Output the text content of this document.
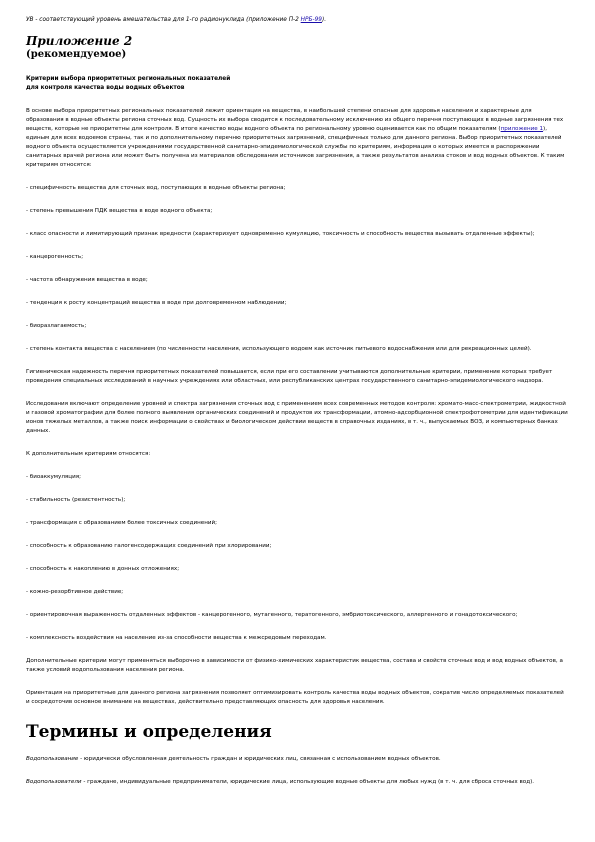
УВ - соответствующий уровень вмешательства для 1-го радионуклида (приложение П-2 НРБ-99).

Приложение 2
(рекомендуемое)
Критерии выбора приоритетных региональных показателей
для контроля качества воды водных объектов

В основе выбора приоритетных региональных показателей лежит ориентация на вещества, в наибольшей степени опасные для здоровья населения и характерные для образования в водные объекты региона сточных вод. Сущность их выбора сводится к последовательному исключению из общего перечня поступающих в водные загрязнения тех веществ, которые не приоритетны для контроля. В итоге качество воды водного объекта по региональному уровню оценивается как по общим показателям (приложение 1), единым для всех водоемов страны, так и по дополнительному перечню приоритетных загрязнений, специфичных только для данного региона. Выбор приоритетных показателей водного объекта осуществляется учреждениями государственной санитарно-эпидемиологической службы по критериям, информация о которых имеется в распоряжении санитарных врачей региона или может быть получена из материалов обследования источников загрязнения, а также результатов анализа стоков и вод водных объектов. К таким критериям относятся:

- специфичность вещества для сточных вод, поступающих в водные объекты региона;

- степень превышения ПДК вещества в воде водного объекта;

- класс опасности и лимитирующий признак вредности (характеризует одновременно кумуляцию, токсичность и способность вещества вызывать отдаленные эффекты);

- канцерогенность;

- частота обнаружения вещества в воде;

- тенденция к росту концентраций вещества в воде при долговременном наблюдении;

- биоразлагаемость;

- степень контакта вещества с населением (по численности населения, использующего водоем как источник питьевого водоснабжения или для рекреационных целей).

Гигиеническая надежность перечня приоритетных показателей повышается, если при его составлении учитываются дополнительные критерии, применение которых требует проведения специальных исследований в научных учреждениях или областных, или республиканских центрах государственного санитарно-эпидемиологического надзора.

Исследования включают определение уровней и спектра загрязнения сточных вод с применением всех современных методов контроля: хромато-масс-спектрометрии, жидкостной и газовой хроматографии для более полного выявления органических соединений и продуктов их трансформации, атомно-адсорбционной спектрофотометрии для идентификации ионов тяжелых металлов, а также поиск информации о свойствах и биологическом действии веществ в справочных изданиях, в т. ч., выпускаемых ВОЗ, и компьютерных банках данных.

К дополнительным критериям относятся:

- биоаккумуляция;

- стабильность (резистентность);

- трансформация с образованием более токсичных соединений;

- способность к образованию галогенсодержащих соединений при хлорировании;

- способность к накоплению в донных отложениях;

- кожно-резорбтивное действие;

- ориентировочная выраженность отдаленных эффектов - канцерогенного, мутагенного, тератогенного, эмбриотоксического, аллергенного и гонадотоксического;

- комплексность воздействия на население из-за способности вещества к межсредовым переходам.

Дополнительные критерии могут применяться выборочно в зависимости от физико-химических характеристик вещества, состава и свойств сточных вод и вод водных объектов, а также условий водопользования населения региона.

Ориентация на приоритетные для данного региона загрязнения позволяет оптимизировать контроль качества воды водных объектов, сократив число определяемых показателей и сосредоточив основное внимание на веществах, действительно представляющих опасность для здоровья населения.

Термины и определения

Водопользование - юридически обусловленная деятельность граждан и юридических лиц, связанная с использованием водных объектов.

Водопользователи - граждане, индивидуальные предприниматели, юридические лица, использующие водные объекты для любых нужд (в т. ч. для сброса сточных вод).
